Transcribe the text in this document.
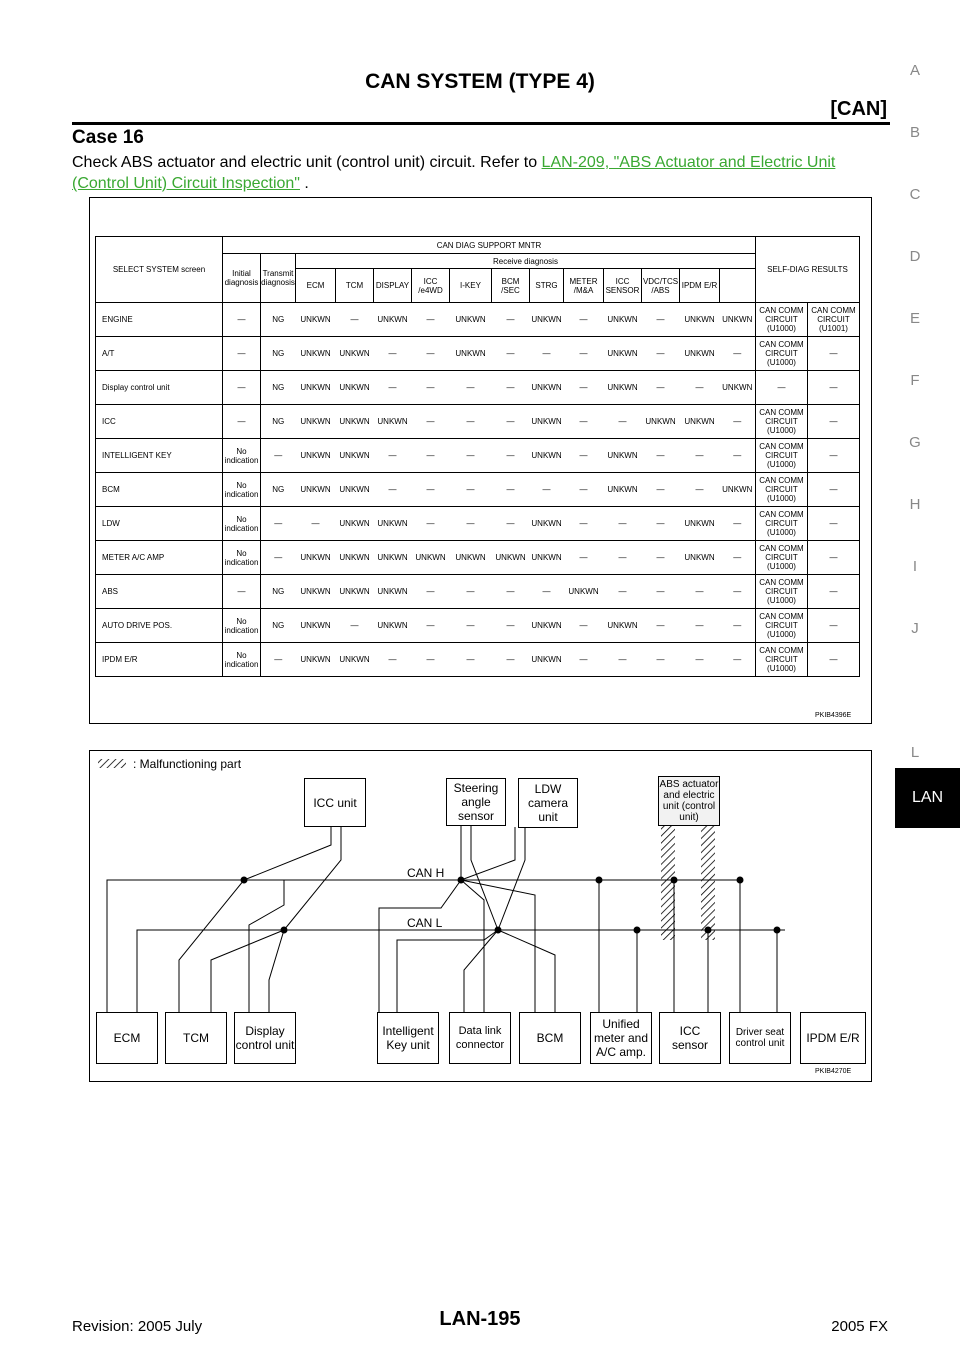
CAN SYSTEM (TYPE 4)
[CAN]
Case 16
Check ABS actuator and electric unit (control unit) circuit. Refer to LAN-209, "ABS Actuator and Electric Unit (Control Unit) Circuit Inspection" .
A
B
C
D
E
F
G
H
I
J
L
LAN
SELECT SYSTEM screen	CAN DIAG SUPPORT MNTR														SELF-DIAG RESULTS	
	Initial diagnosis	Transmit diagnosis	Receive diagnosis													
			ECM	TCM	DISPLAY	ICC /e4WD	I-KEY	BCM /SEC	STRG	METER /M&A	ICC SENSOR	VDC/TCS /ABS	IPDM E/R			
ENGINE	—	NG	UNKWN	—	UNKWN	—	UNKWN	—	UNKWN	—	UNKWN	—	UNKWN	UNKWN	CAN COMM CIRCUIT (U1000)	CAN COMM CIRCUIT (U1001)
A/T	—	NG	UNKWN	UNKWN	—	—	UNKWN	—	—	—	UNKWN	—	UNKWN	—	CAN COMM CIRCUIT (U1000)	—
Display control unit	—	NG	UNKWN	UNKWN	—	—	—	—	UNKWN	—	UNKWN	—	—	UNKWN	—	—
ICC	—	NG	UNKWN	UNKWN	UNKWN	—	—	—	UNKWN	—	—	UNKWN	UNKWN	—	CAN COMM CIRCUIT (U1000)	—
INTELLIGENT KEY	No indication	—	UNKWN	UNKWN	—	—	—	—	UNKWN	—	UNKWN	—	—	—	CAN COMM CIRCUIT (U1000)	—
BCM	No indication	NG	UNKWN	UNKWN	—	—	—	—	—	—	UNKWN	—	—	UNKWN	CAN COMM CIRCUIT (U1000)	—
LDW	No indication	—	—	UNKWN	UNKWN	—	—	—	UNKWN	—	—	—	UNKWN	—	CAN COMM CIRCUIT (U1000)	—
METER A/C AMP	No indication	—	UNKWN	UNKWN	UNKWN	UNKWN	UNKWN	UNKWN	UNKWN	—	—	—	UNKWN	—	CAN COMM CIRCUIT (U1000)	—
ABS	—	NG	UNKWN	UNKWN	UNKWN	—	—	—	—	UNKWN	—	—	—	—	CAN COMM CIRCUIT (U1000)	—
AUTO DRIVE POS.	No indication	NG	UNKWN	—	UNKWN	—	—	—	UNKWN	—	UNKWN	—	—	—	CAN COMM CIRCUIT (U1000)	—
IPDM E/R	No indication	—	UNKWN	UNKWN	—	—	—	—	UNKWN	—	—	—	—	—	CAN COMM CIRCUIT (U1000)	—
PKIB4396E
: Malfunctioning part
CAN H
CAN L
ICC unit
Steering angle sensor
LDW camera unit
ABS actuator and electric unit (control unit)
ECM	TCM	Display control unit
Intelligent Key unit
Data link connector	BCM
Unified meter and A/C amp.
ICC sensor
Driver seat control unit	IPDM E/R
PKIB4270E
Revision: 2005 July	LAN-195	2005 FX
